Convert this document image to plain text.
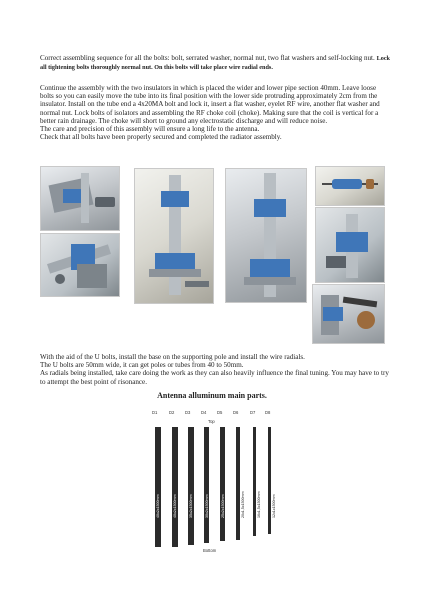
Correct assembling sequence for all the bolts: bolt, serrated washer, normal nut, two flat washers and self-locking nut. Lock all tightening bolts thoroughly normal nut. On this bolts will take place wire radial ends.

Continue the assembly with the two insulators in which is placed the wider and lower pipe section 40mm. Leave loose bolts so you can easily move the tube into its final position with the lower side protruding approximately 2cm from the insulator. Install on the tube end a 4x20MA bolt and lock it, insert a flat washer, eyelet RF wire, another flat washer and normal nut. Lock bolts of isolators and assembling the RF choke coil (choke). Making sure that the coil is vertical for a better rain drainage. The choke will short to ground any electrostatic discharge and will reduce noise.
The care and precision of this assembly will ensure a long life to the antenna.
Check that all bolts have been properly secured and completed the radiator assembly.
With the aid of the U bolts, install the base on the supporting pole and install the wire radials.
The U bolts are 50mm wide, it can get poles or tubes from 40 to 50mm.
As radials being installed, take care doing the work as they can also heavily influence the final tuning. You may have to try to attempt the best point of risonance.
Antenna alluminum main parts.
Top
Bottom
D1
40x2x1500mm
D2
40x2x1500mm
D3
35x2x1500mm
D4
30x2x1500mm
D5
25x2x1500mm
D6
20x1,5x1500mm
D7
16x1,5x1500mm
D8
12x1x1500mm
